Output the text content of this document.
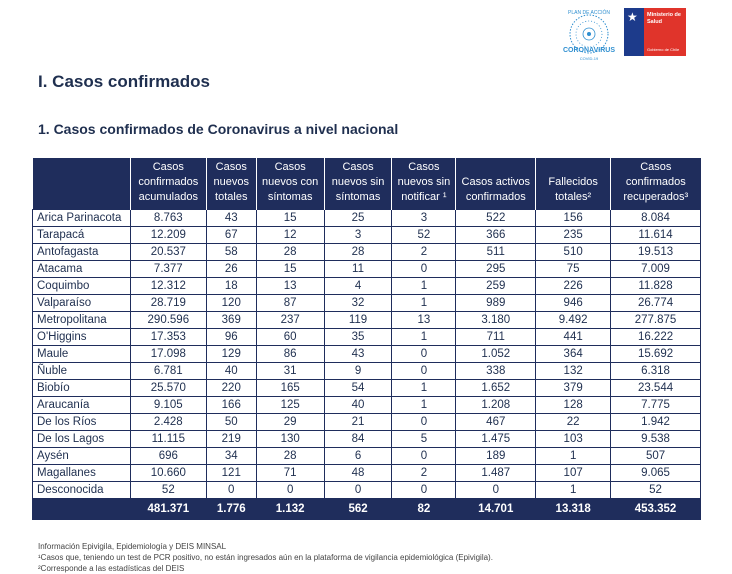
PLAN DE ACCIÓN
CORONAVIRUS
COVID-19
★ Ministerio de Salud
Gobierno de Chile
I. Casos confirmados
1. Casos confirmados de Coronavirus a nivel nacional
	Casos confirmados acumulados	Casos nuevos totales	Casos nuevos con síntomas	Casos nuevos sin síntomas	Casos nuevos sin notificar ¹	Casos activos confirmados	Fallecidos totales²	Casos confirmados recuperados³
Arica Parinacota	8.763	43	15	25	3	522	156	8.084
Tarapacá	12.209	67	12	3	52	366	235	11.614
Antofagasta	20.537	58	28	28	2	511	510	19.513
Atacama	7.377	26	15	11	0	295	75	7.009
Coquimbo	12.312	18	13	4	1	259	226	11.828
Valparaíso	28.719	120	87	32	1	989	946	26.774
Metropolitana	290.596	369	237	119	13	3.180	9.492	277.875
O'Higgins	17.353	96	60	35	1	711	441	16.222
Maule	17.098	129	86	43	0	1.052	364	15.692
Ñuble	6.781	40	31	9	0	338	132	6.318
Biobío	25.570	220	165	54	1	1.652	379	23.544
Araucanía	9.105	166	125	40	1	1.208	128	7.775
De los Ríos	2.428	50	29	21	0	467	22	1.942
De los Lagos	11.115	219	130	84	5	1.475	103	9.538
Aysén	696	34	28	6	0	189	1	507
Magallanes	10.660	121	71	48	2	1.487	107	9.065
Desconocida	52	0	0	0	0	0	1	52
	481.371	1.776	1.132	562	82	14.701	13.318	453.352
Información Epivigila, Epidemiología y DEIS MINSAL
¹Casos que, teniendo un test de PCR positivo, no están ingresados aún en la plataforma de vigilancia epidemiológica (Epivigila).
²Corresponde a las estadísticas del DEIS
